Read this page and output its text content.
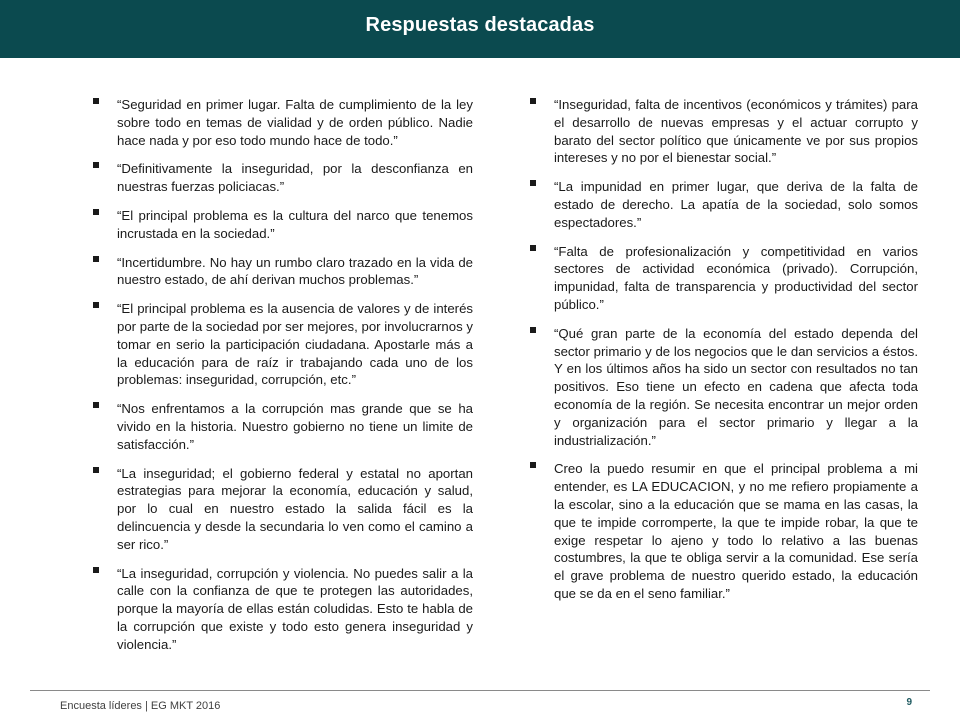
Respuestas destacadas
“Seguridad en primer lugar. Falta de cumplimiento de la ley sobre todo en temas de vialidad y de orden público. Nadie hace nada y por eso todo mundo hace de todo.”
“Definitivamente la inseguridad, por la desconfianza en nuestras fuerzas policiacas.”
“El principal problema es la cultura del narco que tenemos incrustada en la sociedad.”
“Incertidumbre. No hay un rumbo claro trazado en la vida de nuestro estado, de ahí derivan muchos problemas.”
“El principal problema es la ausencia de valores y de interés por parte de la sociedad por ser mejores, por involucrarnos y tomar en serio la participación ciudadana. Apostarle más a la educación para de raíz ir trabajando cada uno de los problemas: inseguridad, corrupción, etc.”
“Nos enfrentamos a la corrupción mas grande que se ha vivido en la historia. Nuestro gobierno no tiene un limite de satisfacción.”
“La inseguridad; el gobierno federal y estatal no aportan estrategias para mejorar la economía, educación y salud, por lo cual en nuestro estado la salida fácil es la delincuencia y desde la secundaria lo ven como el camino a ser rico.”
“La inseguridad, corrupción y violencia. No puedes salir a la calle con la confianza de que te protegen las autoridades, porque la mayoría de ellas están coludidas. Esto te habla de la corrupción que existe y todo esto genera inseguridad y violencia.”
“Inseguridad, falta de incentivos (económicos y trámites) para el desarrollo de nuevas empresas y el actuar corrupto y barato del sector político que únicamente ve por sus propios intereses y no por el bienestar social.”
“La impunidad en primer lugar, que deriva de la falta de estado de derecho. La apatía de la sociedad, solo somos espectadores.”
“Falta de profesionalización y competitividad en varios sectores de actividad económica (privado). Corrupción, impunidad, falta de transparencia y productividad del sector público.”
“Qué gran parte de la economía del estado dependa del sector primario y de los negocios que le dan servicios a éstos. Y en los últimos años ha sido un sector con resultados no tan positivos. Eso tiene un efecto en cadena que afecta toda economía de la región. Se necesita encontrar un mejor orden y organización para el sector primario y llegar a la industrialización.”
Creo la puedo resumir en que el principal problema a mi entender, es LA EDUCACION, y no me refiero propiamente a la escolar, sino a la educación que se mama en las casas, la que te impide corromperte, la que te impide robar, la que te exige respetar lo ajeno y todo lo relativo a las buenas costumbres, la que te obliga servir a la comunidad. Ese sería el grave problema de nuestro querido estado, la educación que se da en el seno familiar.”
Encuesta líderes | EG MKT 2016	9
